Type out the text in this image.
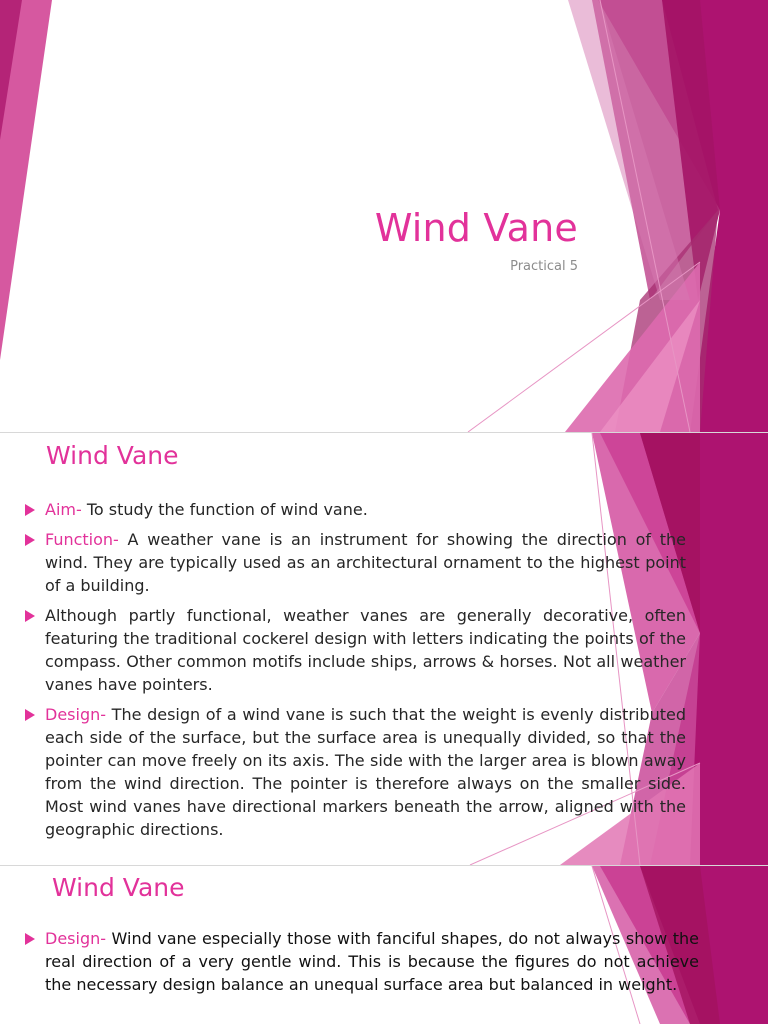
Wind Vane

Practical 5

Wind Vane
Aim- To study the function of wind vane.
Function- A weather vane is an instrument for showing the direction of the wind. They are typically used as an architectural ornament to the highest point of a building.
Although partly functional, weather vanes are generally decorative, often featuring the traditional cockerel design with letters indicating the points of the compass. Other common motifs include ships, arrows & horses. Not all weather vanes have pointers.
Design- The design of a wind vane is such that the weight is evenly distributed each side of the surface, but the surface area is unequally divided, so that the pointer can move freely on its axis. The side with the larger area is blown away from the wind direction. The pointer is therefore always on the smaller side. Most wind vanes have directional markers beneath the arrow, aligned with the geographic directions.
Wind Vane
Design- Wind vane especially those with fanciful shapes, do not always show the real direction of a very gentle wind. This is because the figures do not achieve the necessary design balance an unequal surface area but balanced in weight.
